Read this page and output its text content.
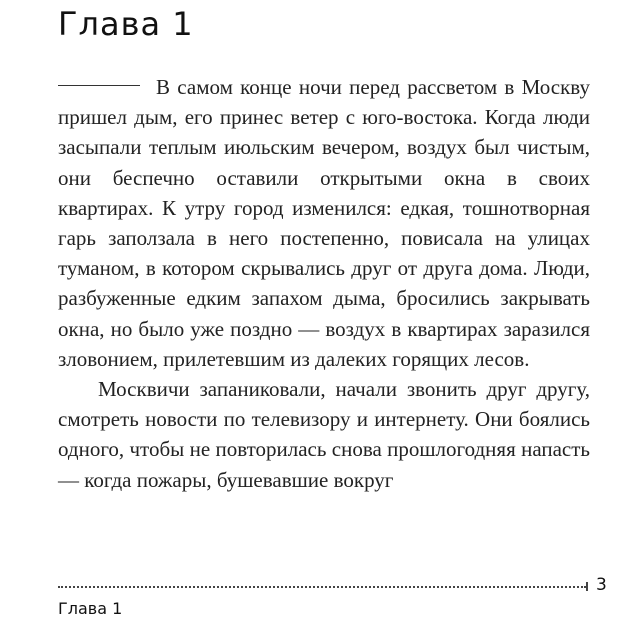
Глава 1

В самом конце ночи перед рассветом в Москву пришел дым, его принес ветер с юго-востока. Когда люди засыпали теплым июльским вечером, воздух был чистым, они беспечно оставили открытыми окна в своих квартирах. К утру город изменился: едкая, тошнотворная гарь заползала в него постепенно, повисала на улицах туманом, в котором скрывались друг от друга дома. Люди, разбуженные едким запахом дыма, бросились закрывать окна, но было уже поздно — воздух в квартирах заразился зловонием, прилетевшим из далеких горящих лесов.

Москвичи запаниковали, начали звонить друг другу, смотреть новости по телевизору и интернету. Они боялись одного, чтобы не повторилась снова прошлогодняя напасть — когда пожары, бушевавшие вокруг

3
Глава 1
